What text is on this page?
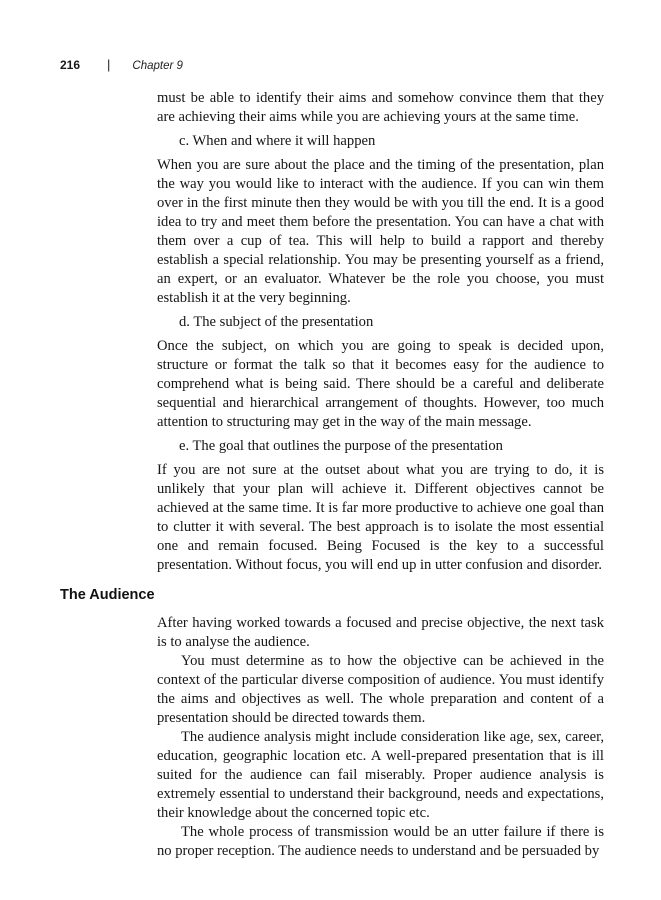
216 | Chapter 9

must be able to identify their aims and somehow convince them that they are achieving their aims while you are achieving yours at the same time.

c. When and where it will happen

When you are sure about the place and the timing of the presentation, plan the way you would like to interact with the audience. If you can win them over in the first minute then they would be with you till the end. It is a good idea to try and meet them before the presentation. You can have a chat with them over a cup of tea. This will help to build a rapport and thereby establish a special relationship. You may be presenting yourself as a friend, an expert, or an evaluator. Whatever be the role you choose, you must establish it at the very beginning.

d. The subject of the presentation

Once the subject, on which you are going to speak is decided upon, structure or format the talk so that it becomes easy for the audience to comprehend what is being said. There should be a careful and deliberate sequential and hierarchical arrangement of thoughts. However, too much attention to structuring may get in the way of the main message.

e. The goal that outlines the purpose of the presentation

If you are not sure at the outset about what you are trying to do, it is unlikely that your plan will achieve it. Different objectives cannot be achieved at the same time. It is far more productive to achieve one goal than to clutter it with several. The best approach is to isolate the most essential one and remain focused. Being Focused is the key to a successful presentation. Without focus, you will end up in utter confusion and disorder.

The Audience

After having worked towards a focused and precise objective, the next task is to analyse the audience.

You must determine as to how the objective can be achieved in the context of the particular diverse composition of audience. You must identify the aims and objectives as well. The whole preparation and content of a presentation should be directed towards them.

The audience analysis might include consideration like age, sex, career, education, geographic location etc. A well-prepared presentation that is ill suited for the audience can fail miserably. Proper audience analysis is extremely essential to understand their background, needs and expectations, their knowledge about the concerned topic etc.

The whole process of transmission would be an utter failure if there is no proper reception. The audience needs to understand and be persuaded by
